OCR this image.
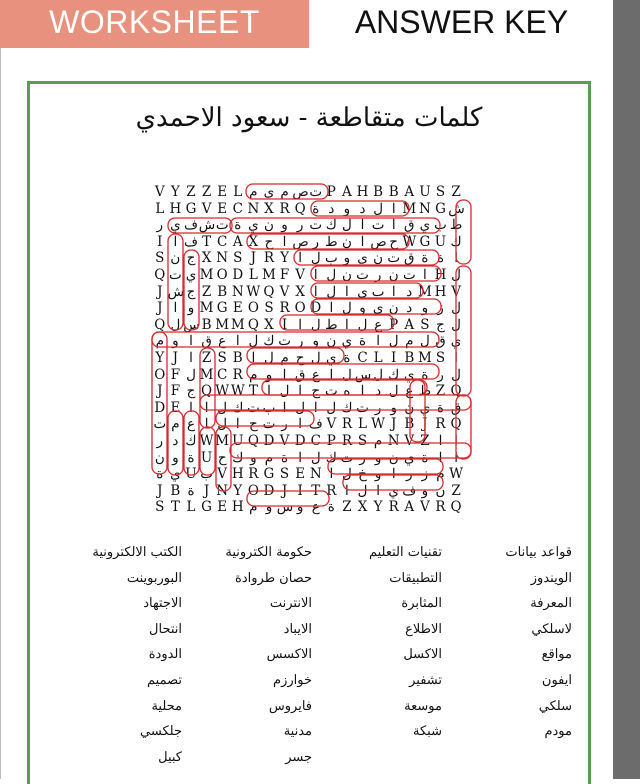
WORKSHEET	ANSWER KEY
كلمات متقاطعة - سعود الاحمدي
V Y Z Z E L م ي م ص ت P A H B B A U S Z
L H G V E C N X R Q ة د و د ل ا M N G ش
ر ي ف ش ت ة ي ن و ر ت ك ل ا ت ا ق ي ب ط
I ا ف T C A X ح ا ص ر ط ن ا ص ح W G U ك
S ن ج X N S J R Y ا ل ب و ي ن ت ق ة ة ا
Q ت ي M O D L M F V ا ل ن ت ر ن ت ا H ل
J ش ج Z B N W Q V X ا ل ا ي ب ا د M H V
J ا و M G E O S R O D ا ل و ي ن د و ز ل
Q ل س B M M Q X I ا ل ط ا ل ع P A S ج ل
م و ا ق ع ا ل ك ت ر و ن ي ة ا ل م ل ق ي
Y J ا Z S B ا ل م ح ل ي ة C L I B M S ا
O F ل M C R م و ا ق ع ا ل س ل ك ي ة ر ل
J F ج Q W W T ا ل ا ج ت ه ا د ل ع ط Z Q
D E ا ا ل ك ت ب ا ل ا ل ك ت ر و ن ي ة ق
ت م ع ا ل ا ح ت ر ا ف V R L W J B J R Q
ر د ك W M U Q D V D C P R S م N V Z ا ا
ن و ة U ح ك و م ة ا ل ك ت ر و ن ي ة ا ا
ة ي U ب V H R G S E N ا ل خ و ا ر ز م W
J B ة J N Y O D J I T R ا ل ا ي ف و ن Z
S T L G E H م و س و ع ة Z X Y R A V R Q
قواعد بيانات
تقنيات التعليم
حكومة الكترونية
الكتب الالكترونية
الويندوز
التطبيقات
حصان طروادة
البوربوينت
المعرفة
المثابرة
الانترنت
الاجتهاد
لاسلكي
الاطلاع
الايباد
انتحال
مواقع
الاكسل
الاكسس
الدودة
ايفون
تشفير
خوارزم
تصميم
سلكي
موسعة
فايروس
محلية
مودم
شبكة
مدنية
جلكسي
جسر
كبيل
